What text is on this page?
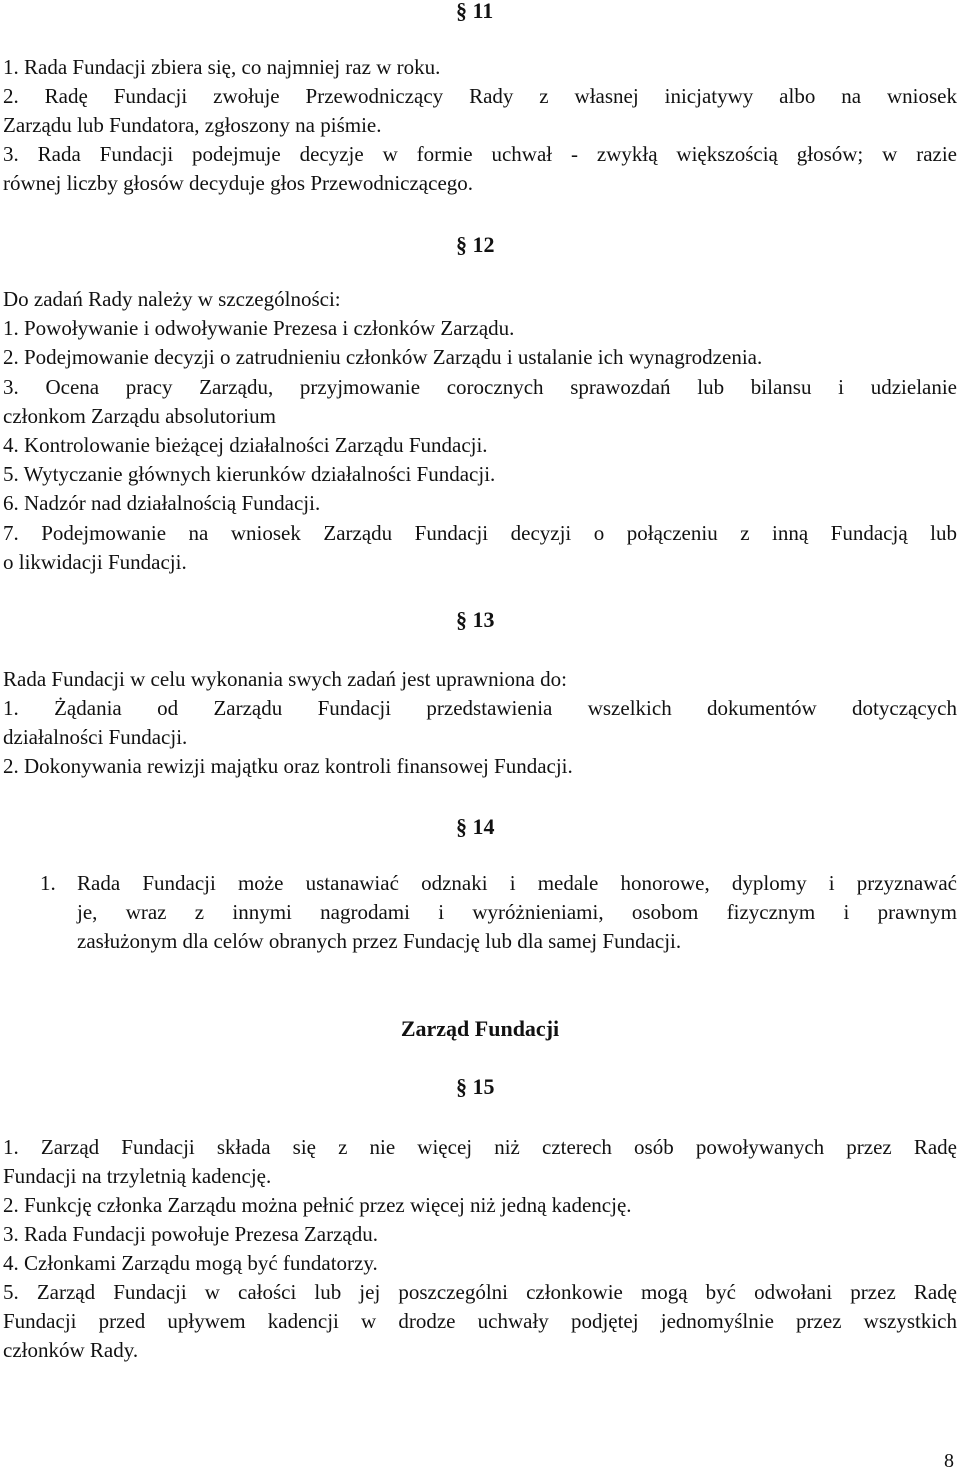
§ 11
1. Rada Fundacji zbiera się, co najmniej raz w roku.
2. Radę Fundacji zwołuje Przewodniczący Rady z własnej inicjatywy albo na wniosek
Zarządu lub Fundatora, zgłoszony na piśmie.
3. Rada Fundacji podejmuje decyzje w formie uchwał - zwykłą większością głosów; w razie
równej liczby głosów decyduje głos Przewodniczącego.
§ 12
Do zadań Rady należy w szczególności:
1. Powoływanie i odwoływanie Prezesa i członków Zarządu.
2. Podejmowanie decyzji o zatrudnieniu członków Zarządu i ustalanie ich wynagrodzenia.
3. Ocena pracy Zarządu, przyjmowanie corocznych sprawozdań lub bilansu i udzielanie
członkom Zarządu absolutorium
4. Kontrolowanie bieżącej działalności Zarządu Fundacji.
5. Wytyczanie głównych kierunków działalności Fundacji.
6. Nadzór nad działalnością Fundacji.
7. Podejmowanie na wniosek Zarządu Fundacji decyzji o połączeniu z inną Fundacją lub
o likwidacji Fundacji.
§ 13
Rada Fundacji w celu wykonania swych zadań jest uprawniona do:
1. Żądania od Zarządu Fundacji przedstawienia wszelkich dokumentów dotyczących
działalności Fundacji.
2. Dokonywania rewizji majątku oraz kontroli finansowej Fundacji.
§ 14
1. Rada Fundacji może ustanawiać odznaki i medale honorowe, dyplomy i przyznawać
je, wraz z innymi nagrodami i wyróżnieniami, osobom fizycznym i prawnym
zasłużonym dla celów obranych przez Fundację lub dla samej Fundacji.
Zarząd Fundacji
§ 15
1. Zarząd Fundacji składa się z nie więcej niż czterech osób powoływanych przez Radę
Fundacji na trzyletnią kadencję.
2. Funkcję członka Zarządu można pełnić przez więcej niż jedną kadencję.
3. Rada Fundacji powołuje Prezesa Zarządu.
4. Członkami Zarządu mogą być fundatorzy.
5. Zarząd Fundacji w całości lub jej poszczególni członkowie mogą być odwołani przez Radę
Fundacji przed upływem kadencji w drodze uchwały podjętej jednomyślnie przez wszystkich
członków Rady.
8
